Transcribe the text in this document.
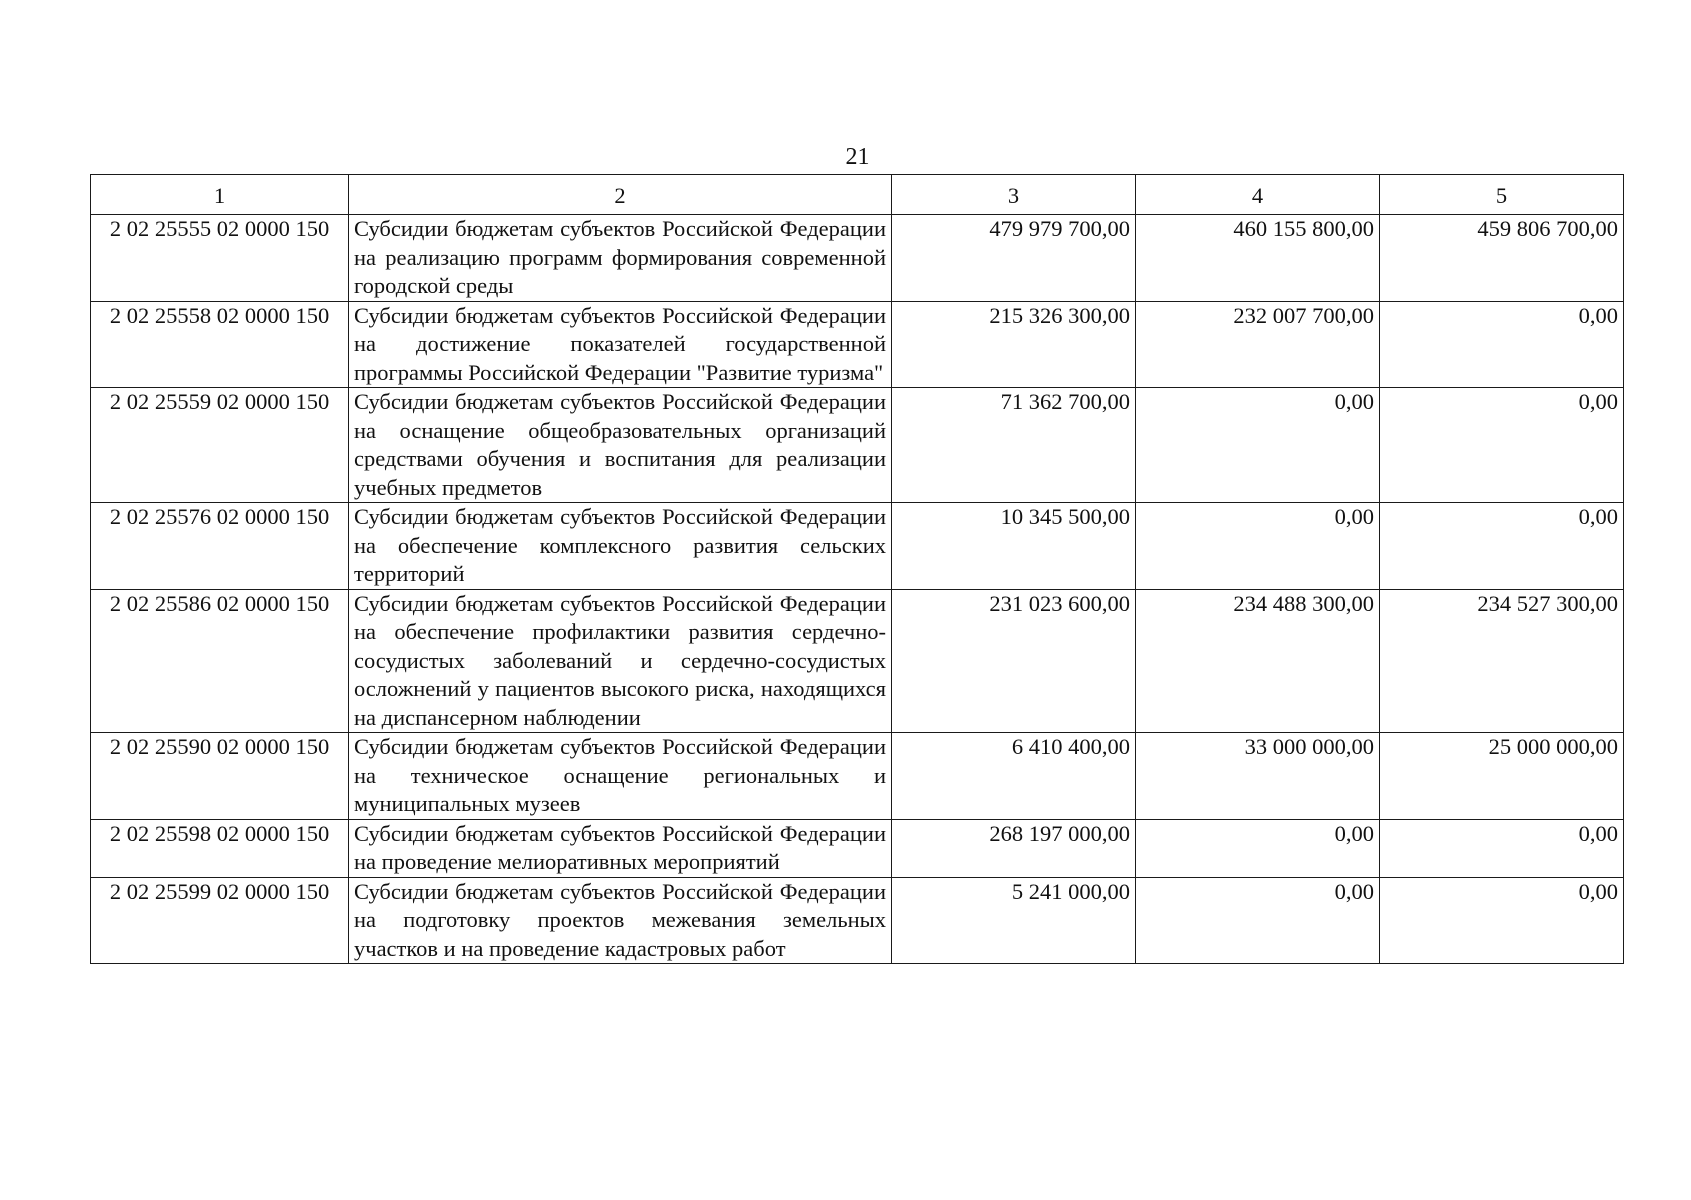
21
1	2	3	4	5
2 02 25555 02 0000 150	Субсидии бюджетам субъектов Российской Федерации на реализацию программ формирования современной городской среды	479 979 700,00	460 155 800,00	459 806 700,00
2 02 25558 02 0000 150	Субсидии бюджетам субъектов Российской Федерации на достижение показателей государственной программы Российской Федерации "Развитие туризма"	215 326 300,00	232 007 700,00	0,00
2 02 25559 02 0000 150	Субсидии бюджетам субъектов Российской Федерации на оснащение общеобразовательных организаций средствами обучения и воспитания для реализации учебных предметов	71 362 700,00	0,00	0,00
2 02 25576 02 0000 150	Субсидии бюджетам субъектов Российской Федерации на обеспечение комплексного развития сельских территорий	10 345 500,00	0,00	0,00
2 02 25586 02 0000 150	Субсидии бюджетам субъектов Российской Федерации на обеспечение профилактики развития сердечно-сосудистых заболеваний и сердечно-сосудистых осложнений у пациентов высокого риска, находящихся на диспансерном наблюдении	231 023 600,00	234 488 300,00	234 527 300,00
2 02 25590 02 0000 150	Субсидии бюджетам субъектов Российской Федерации на техническое оснащение региональных и муниципальных музеев	6 410 400,00	33 000 000,00	25 000 000,00
2 02 25598 02 0000 150	Субсидии бюджетам субъектов Российской Федерации на проведение мелиоративных мероприятий	268 197 000,00	0,00	0,00
2 02 25599 02 0000 150	Субсидии бюджетам субъектов Российской Федерации на подготовку проектов межевания земельных участков и на проведение кадастровых работ	5 241 000,00	0,00	0,00
